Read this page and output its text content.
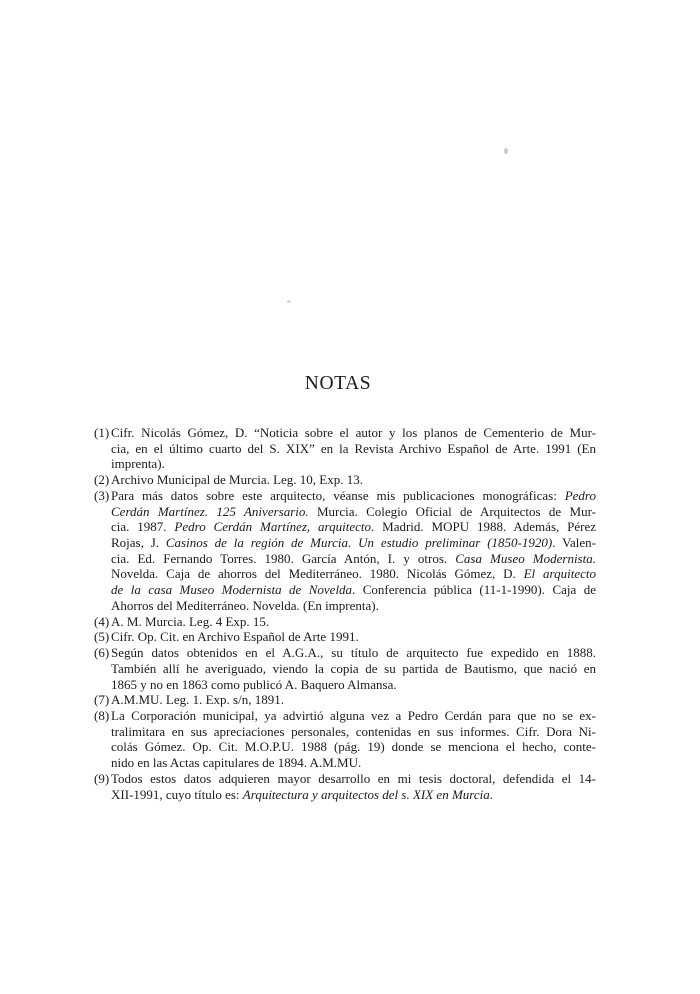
NOTAS
(1) Cifr. Nicolás Gómez, D. “Noticia sobre el autor y los planos de Cementerio de Mur-
cia, en el último cuarto del S. XIX” en la Revista Archivo Español de Arte. 1991 (En
imprenta).
(2) Archivo Municipal de Murcia. Leg. 10, Exp. 13.
(3) Para más datos sobre este arquitecto, véanse mis publicaciones monográficas: Pedro
Cerdán Martínez. 125 Aniversario. Murcia. Colegio Oficial de Arquitectos de Mur-
cia. 1987. Pedro Cerdán Martínez, arquitecto. Madrid. MOPU 1988. Además, Pérez
Rojas, J. Casinos de la región de Murcia. Un estudio preliminar (1850-1920). Valen-
cia. Ed. Fernando Torres. 1980. García Antón, I. y otros. Casa Museo Modernista.
Novelda. Caja de ahorros del Mediterráneo. 1980. Nicolás Gómez, D. El arquitecto
de la casa Museo Modernista de Novelda. Conferencia pública (11-1-1990). Caja de
Ahorros del Mediterráneo. Novelda. (En imprenta).
(4) A. M. Murcia. Leg. 4 Exp. 15.
(5) Cifr. Op. Cit. en Archivo Español de Arte 1991.
(6) Según datos obtenidos en el A.G.A., su título de arquitecto fue expedido en 1888.
También allí he averiguado, viendo la copia de su partida de Bautismo, que nació en
1865 y no en 1863 como publicó A. Baquero Almansa.
(7) A.M.MU. Leg. 1. Exp. s/n, 1891.
(8) La Corporación municipal, ya advirtió alguna vez a Pedro Cerdán para que no se ex-
tralimitara en sus apreciaciones personales, contenidas en sus informes. Cifr. Dora Ni-
colás Gómez. Op. Cit. M.O.P.U. 1988 (pág. 19) donde se menciona el hecho, conte-
nido en las Actas capitulares de 1894. A.M.MU.
(9) Todos estos datos adquieren mayor desarrollo en mi tesis doctoral, defendida el 14-
XII-1991, cuyo título es: Arquitectura y arquitectos del s. XIX en Murcia.
